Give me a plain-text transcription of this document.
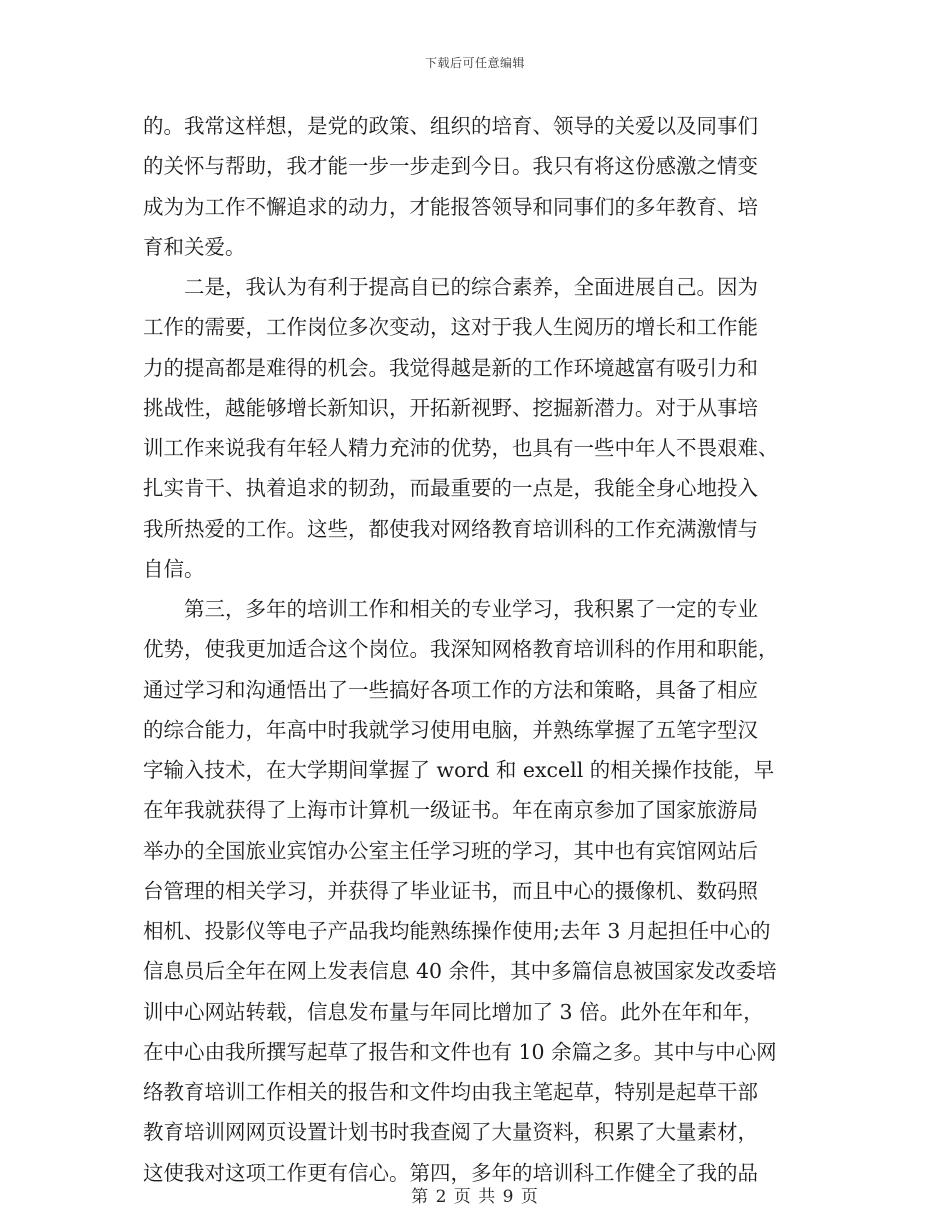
下载后可任意编辑
的。我常这样想，是党的政策、组织的培育、领导的关爱以及同事们
的关怀与帮助，我才能一步一步走到今日。我只有将这份感激之情变
成为为工作不懈追求的动力，才能报答领导和同事们的多年教育、培
育和关爱。
　　二是，我认为有利于提高自已的综合素养，全面进展自己。因为
工作的需要，工作岗位多次变动，这对于我人生阅历的增长和工作能
力的提高都是难得的机会。我觉得越是新的工作环境越富有吸引力和
挑战性，越能够增长新知识，开拓新视野、挖掘新潜力。对于从事培
训工作来说我有年轻人精力充沛的优势，也具有一些中年人不畏艰难、
扎实肯干、执着追求的韧劲，而最重要的一点是，我能全身心地投入
我所热爱的工作。这些，都使我对网络教育培训科的工作充满激情与
自信。
　　第三，多年的培训工作和相关的专业学习，我积累了一定的专业
优势，使我更加适合这个岗位。我深知网格教育培训科的作用和职能，
通过学习和沟通悟出了一些搞好各项工作的方法和策略，具备了相应
的综合能力，年高中时我就学习使用电脑，并熟练掌握了五笔字型汉
字输入技术，在大学期间掌握了 word 和 excell 的相关操作技能，早
在年我就获得了上海市计算机一级证书。年在南京参加了国家旅游局
举办的全国旅业宾馆办公室主任学习班的学习，其中也有宾馆网站后
台管理的相关学习，并获得了毕业证书，而且中心的摄像机、数码照
相机、投影仪等电子产品我均能熟练操作使用;去年 3 月起担任中心的
信息员后全年在网上发表信息 40 余件，其中多篇信息被国家发改委培
训中心网站转载，信息发布量与年同比增加了 3 倍。此外在年和年，
在中心由我所撰写起草了报告和文件也有 10 余篇之多。其中与中心网
络教育培训工作相关的报告和文件均由我主笔起草，特别是起草干部
教育培训网网页设置计划书时我查阅了大量资料，积累了大量素材，
这使我对这项工作更有信心。第四，多年的培训科工作健全了我的品
第 2 页 共 9 页
